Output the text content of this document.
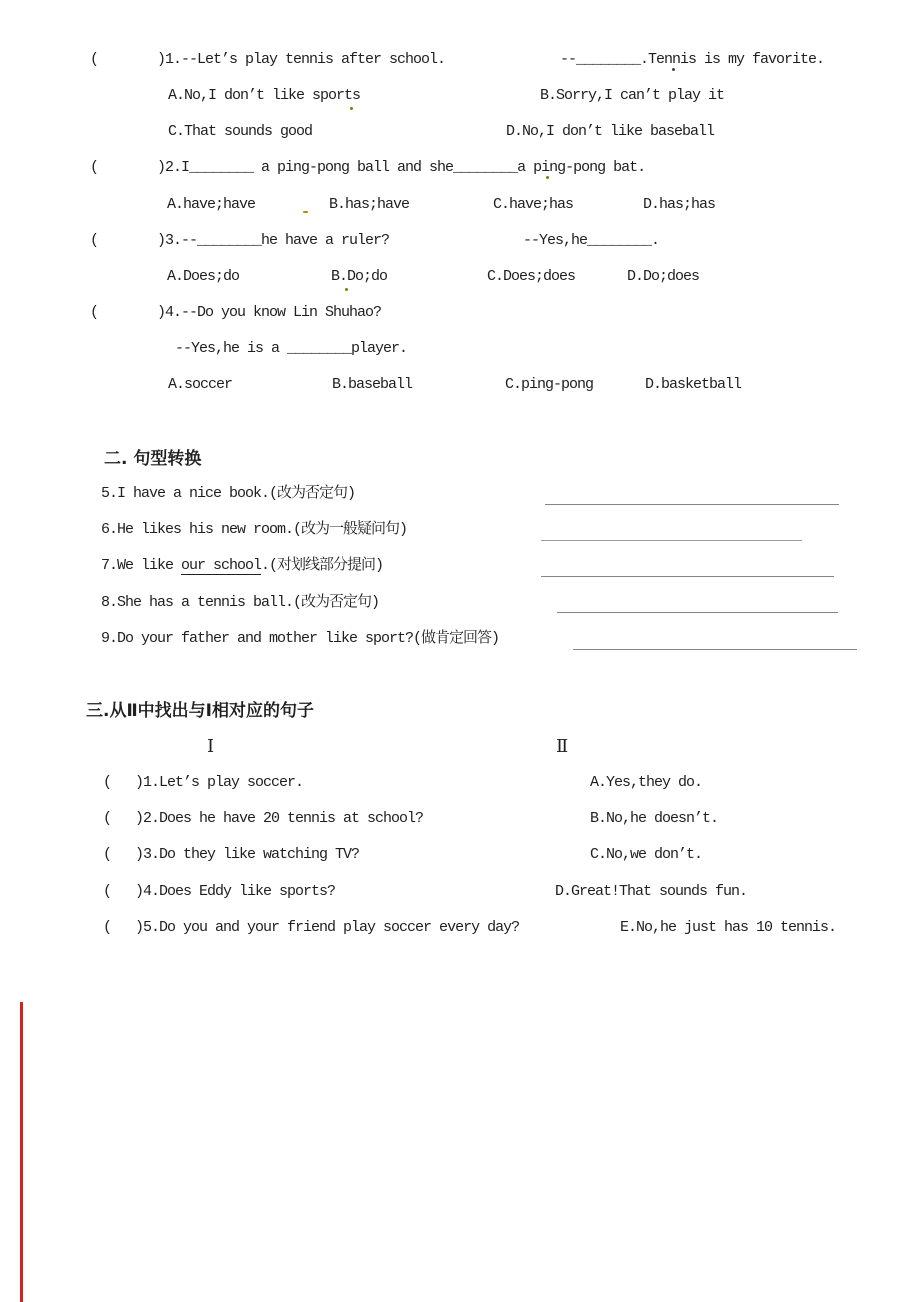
(	)1.--Let’s play tennis after school.	--________.Tennis is my favorite.
A.No,I don’t like sports	B.Sorry,I can’t play it
C.That sounds good	D.No,I don’t like baseball
(	)2.I________ a ping-pong ball and she________a ping-pong bat.
A.have;have	B.has;have	C.have;has	D.has;has
(	)3.--________he have a ruler?	--Yes,he________.
A.Does;do	B.Do;do	C.Does;does	D.Do;does
(	)4.--Do you know Lin Shuhao?
--Yes,he is a ________player.
A.soccer	B.baseball	C.ping-pong	D.basketball
二. 句型转换
5.I have a nice book.(改为否定句)
6.He likes his new room.(改为一般疑问句)
7.We like our school.(对划线部分提问)
8.She has a tennis ball.(改为否定句)
9.Do your father and mother like sport?(做肯定回答)
三.从Ⅱ中找出与Ⅰ相对应的句子
Ⅰ	Ⅱ
(   )1.Let’s play soccer.	A.Yes,they do.
(   )2.Does he have 20 tennis at school?	B.No,he doesn’t.
(   )3.Do they like watching TV?	C.No,we don’t.
(   )4.Does Eddy like sports?	D.Great!That sounds fun.
(   )5.Do you and your friend play soccer every day?	E.No,he just has 10 tennis.
